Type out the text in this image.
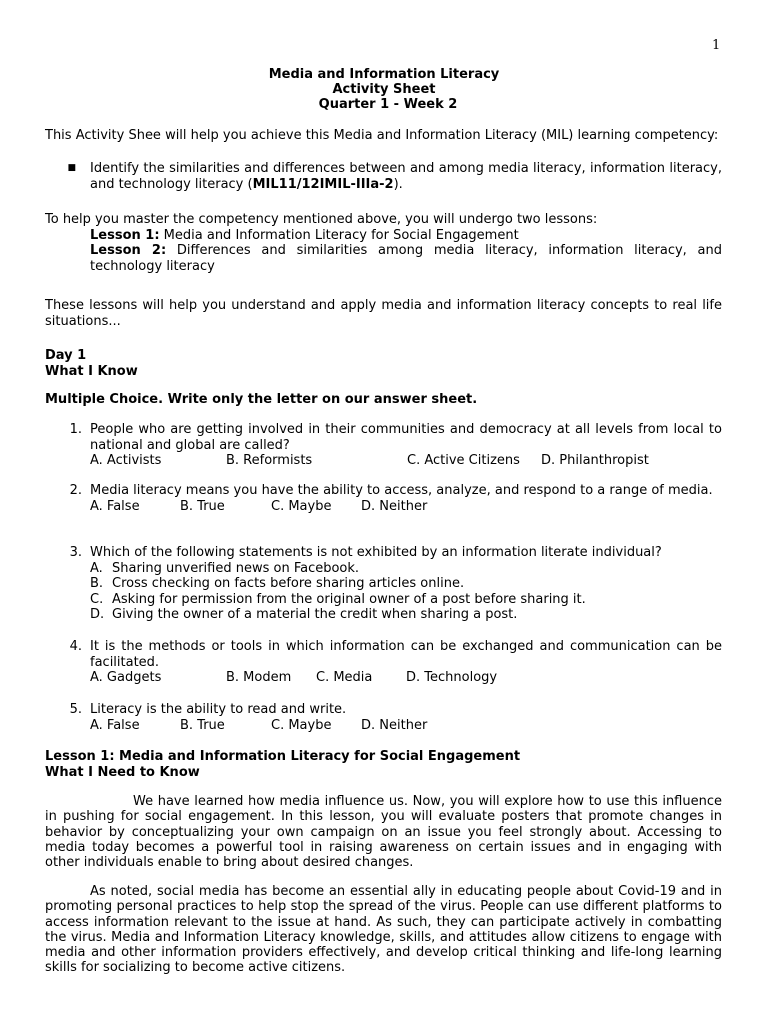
1
Media and Information Literacy
Activity Sheet
Quarter 1 - Week 2
This Activity Shee will help you achieve this Media and Information Literacy (MIL) learning competency:
■	Identify the similarities and differences between and among media literacy, information literacy, and technology literacy (MIL11/12IMIL-IIIa-2).
To help you master the competency mentioned above, you will undergo two lessons:
Lesson 1: Media and Information Literacy for Social Engagement
Lesson 2: Differences and similarities among media literacy, information literacy, and technology literacy
These lessons will help you understand and apply media and information literacy concepts to real life situations...
Day 1
What I Know
Multiple Choice. Write only the letter on our answer sheet.
1. People who are getting involved in their communities and democracy at all levels from local to national and global are called?
A. Activists	B. Reformists	C. Active Citizens D. Philanthropist
2. Media literacy means you have the ability to access, analyze, and respond to a range of media.
A. False	B. True	C. Maybe D. Neither
3. Which of the following statements is not exhibited by an information literate individual?
A. Sharing unverified news on Facebook.
B. Cross checking on facts before sharing articles online.
C. Asking for permission from the original owner of a post before sharing it.
D. Giving the owner of a material the credit when sharing a post.
4. It is the methods or tools in which information can be exchanged and communication can be facilitated.
A. Gadgets	B. Modem C. Media	D. Technology
5. Literacy is the ability to read and write.
A. False	B. True	C. Maybe D. Neither
Lesson 1: Media and Information Literacy for Social Engagement
What I Need to Know
We have learned how media influence us. Now, you will explore how to use this influence in pushing for social engagement. In this lesson, you will evaluate posters that promote changes in behavior by conceptualizing your own campaign on an issue you feel strongly about. Accessing to media today becomes a powerful tool in raising awareness on certain issues and in engaging with other individuals enable to bring about desired changes.
As noted, social media has become an essential ally in educating people about Covid-19 and in promoting personal practices to help stop the spread of the virus. People can use different platforms to access information relevant to the issue at hand. As such, they can participate actively in combatting the virus. Media and Information Literacy knowledge, skills, and attitudes allow citizens to engage with media and other information providers effectively, and develop critical thinking and life-long learning skills for socializing to become active citizens.
